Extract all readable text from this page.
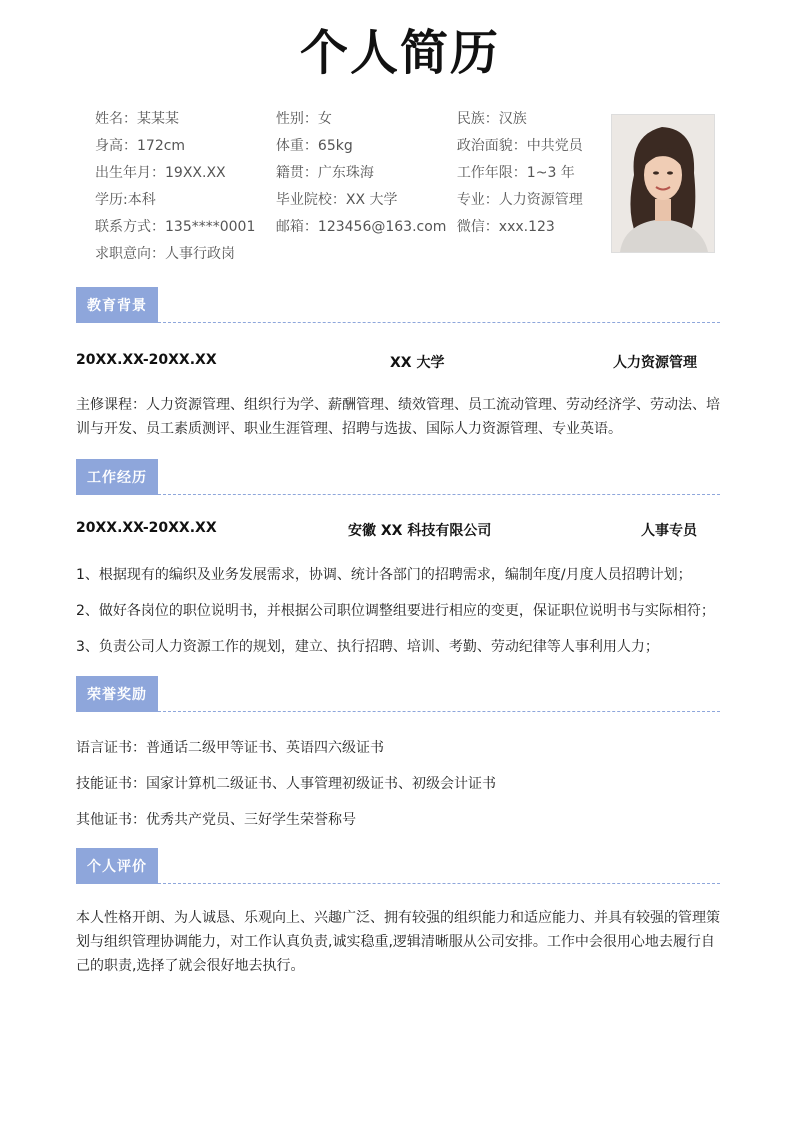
个人简历
姓名：某某某	性别：女	民族：汉族
身高：172cm	体重：65kg	政治面貌：中共党员
出生年月：19XX.XX	籍贯：广东珠海	工作年限：1~3 年
学历:本科	毕业院校：XX 大学	专业：人力资源管理
联系方式：135****0001	邮箱：123456@163.com 微信：xxx.123
求职意向：人事行政岗
教育背景
20XX.XX-20XX.XX	XX 大学	人力资源管理
主修课程：人力资源管理、组织行为学、薪酬管理、绩效管理、员工流动管理、劳动经济学、劳动法、培训与开发、员工素质测评、职业生涯管理、招聘与选拔、国际人力资源管理、专业英语。
工作经历
20XX.XX-20XX.XX	安徽 XX 科技有限公司	人事专员
1、根据现有的编织及业务发展需求，协调、统计各部门的招聘需求，编制年度/月度人员招聘计划；
2、做好各岗位的职位说明书，并根据公司职位调整组要进行相应的变更，保证职位说明书与实际相符；
3、负责公司人力资源工作的规划，建立、执行招聘、培训、考勤、劳动纪律等人事利用人力；
荣誉奖励
语言证书：普通话二级甲等证书、英语四六级证书
技能证书：国家计算机二级证书、人事管理初级证书、初级会计证书
其他证书：优秀共产党员、三好学生荣誉称号
个人评价
本人性格开朗、为人诚恳、乐观向上、兴趣广泛、拥有较强的组织能力和适应能力、并具有较强的管理策划与组织管理协调能力，对工作认真负责,诚实稳重,逻辑清晰服从公司安排。工作中会很用心地去履行自己的职责,选择了就会很好地去执行。
